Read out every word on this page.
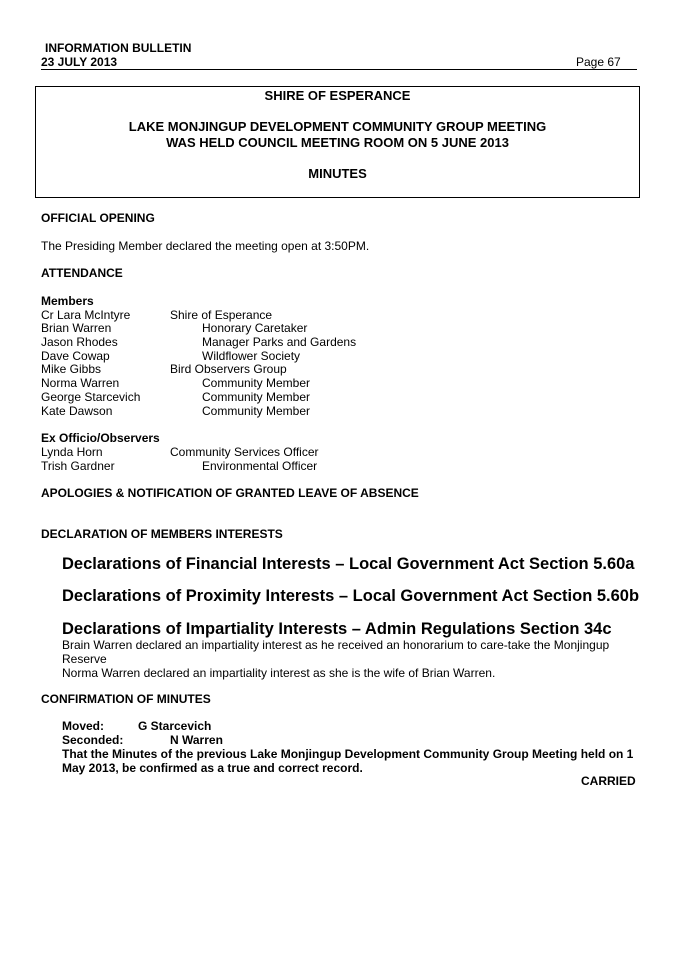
INFORMATION BULLETIN
23 JULY 2013	Page 67
SHIRE OF ESPERANCE
LAKE MONJINGUP DEVELOPMENT COMMUNITY GROUP MEETING
WAS HELD COUNCIL MEETING ROOM ON 5 JUNE 2013
MINUTES
OFFICIAL OPENING
The Presiding Member declared the meeting open at 3:50PM.
ATTENDANCE
Members
Cr Lara McIntyre	Shire of Esperance
Brian Warren	Honorary Caretaker
Jason Rhodes	Manager Parks and Gardens
Dave Cowap	Wildflower Society
Mike Gibbs	Bird Observers Group
Norma Warren	Community Member
George Starcevich	Community Member
Kate Dawson	Community Member
Ex Officio/Observers
Lynda Horn	Community Services Officer
Trish Gardner	Environmental Officer
APOLOGIES & NOTIFICATION OF GRANTED LEAVE OF ABSENCE
DECLARATION OF MEMBERS INTERESTS
Declarations of Financial Interests – Local Government Act Section 5.60a
Declarations of Proximity Interests – Local Government Act Section 5.60b
Declarations of Impartiality Interests – Admin Regulations Section 34c
Brain Warren declared an impartiality interest as he received an honorarium to care-take the Monjingup Reserve
Norma Warren declared an impartiality interest as she is the wife of Brian Warren.
CONFIRMATION OF MINUTES
Moved:	G Starcevich
Seconded:	N Warren
That the Minutes of the previous Lake Monjingup Development Community Group Meeting held on 1 May 2013, be confirmed as a true and correct record.
CARRIED
